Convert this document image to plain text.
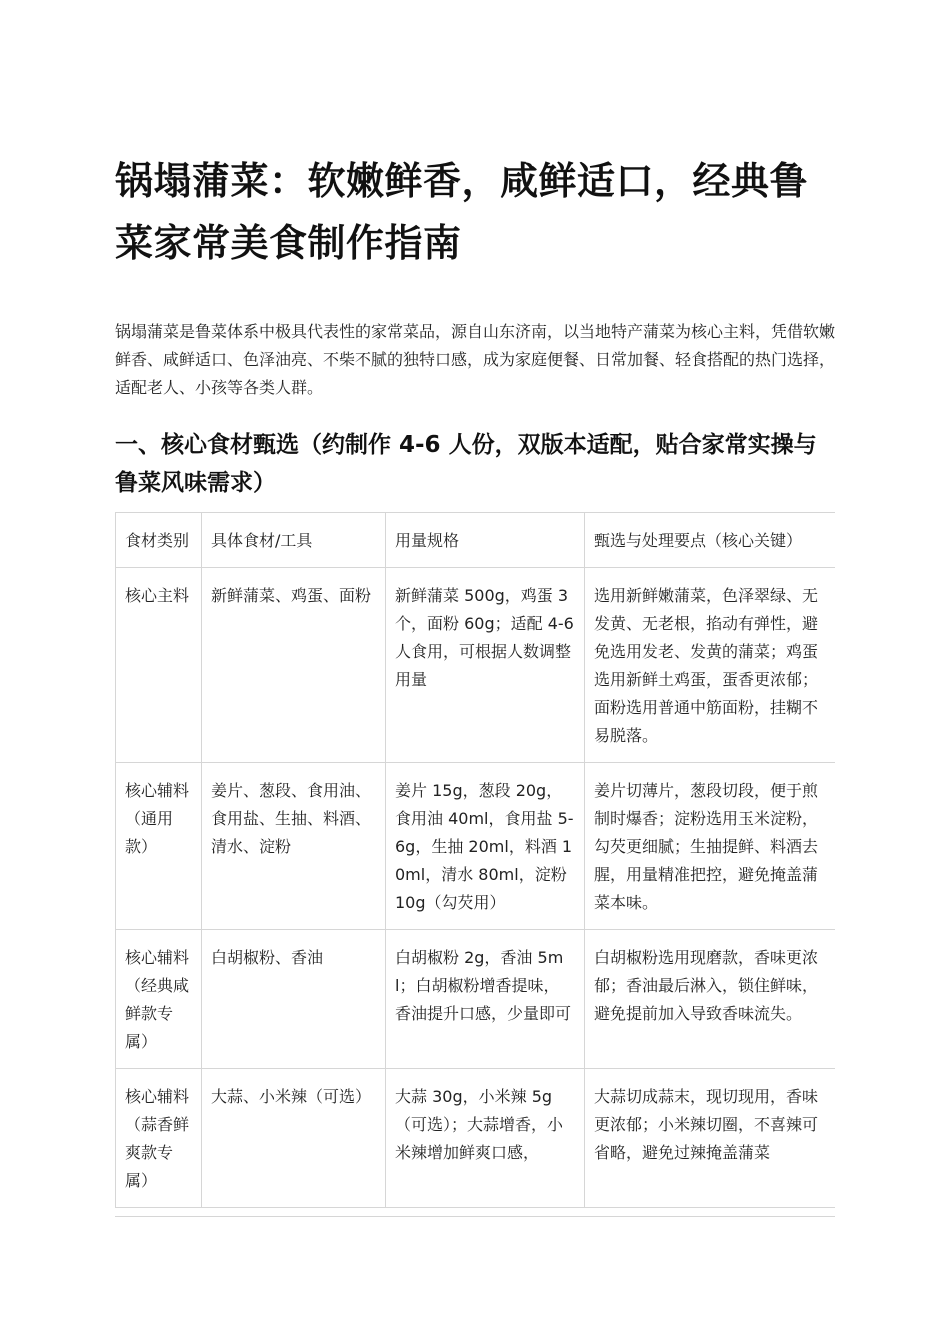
锅塌蒲菜：软嫩鲜香，咸鲜适口，经典鲁菜家常美食制作指南

锅塌蒲菜是鲁菜体系中极具代表性的家常菜品，源自山东济南，以当地特产蒲菜为核心主料，凭借软嫩鲜香、咸鲜适口、色泽油亮、不柴不腻的独特口感，成为家庭便餐、日常加餐、轻食搭配的热门选择，适配老人、小孩等各类人群。

一、核心食材甄选（约制作 4-6 人份，双版本适配，贴合家常实操与鲁菜风味需求）
食材类别	具体食材/工具	用量规格	甄选与处理要点（核心关键）
核心主料	新鲜蒲菜、鸡蛋、面粉	新鲜蒲菜 500g，鸡蛋 3 个，面粉 60g；适配 4-6 人食用，可根据人数调整用量	选用新鲜嫩蒲菜，色泽翠绿、无发黄、无老根，掐动有弹性，避免选用发老、发黄的蒲菜；鸡蛋选用新鲜土鸡蛋，蛋香更浓郁；面粉选用普通中筋面粉，挂糊不易脱落。
核心辅料（通用款）	姜片、葱段、食用油、食用盐、生抽、料酒、清水、淀粉	姜片 15g，葱段 20g，食用油 40ml，食用盐 5-6g，生抽 20ml，料酒 10ml，清水 80ml，淀粉 10g（勾芡用）	姜片切薄片，葱段切段，便于煎制时爆香；淀粉选用玉米淀粉，勾芡更细腻；生抽提鲜、料酒去腥，用量精准把控，避免掩盖蒲菜本味。
核心辅料（经典咸鲜款专属）	白胡椒粉、香油	白胡椒粉 2g，香油 5ml；白胡椒粉增香提味，香油提升口感，少量即可	白胡椒粉选用现磨款，香味更浓郁；香油最后淋入，锁住鲜味，避免提前加入导致香味流失。
核心辅料（蒜香鲜爽款专属）	大蒜、小米辣（可选）	大蒜 30g，小米辣 5g（可选）；大蒜增香，小米辣增加鲜爽口感，	大蒜切成蒜末，现切现用，香味更浓郁；小米辣切圈，不喜辣可省略，避免过辣掩盖蒲菜
